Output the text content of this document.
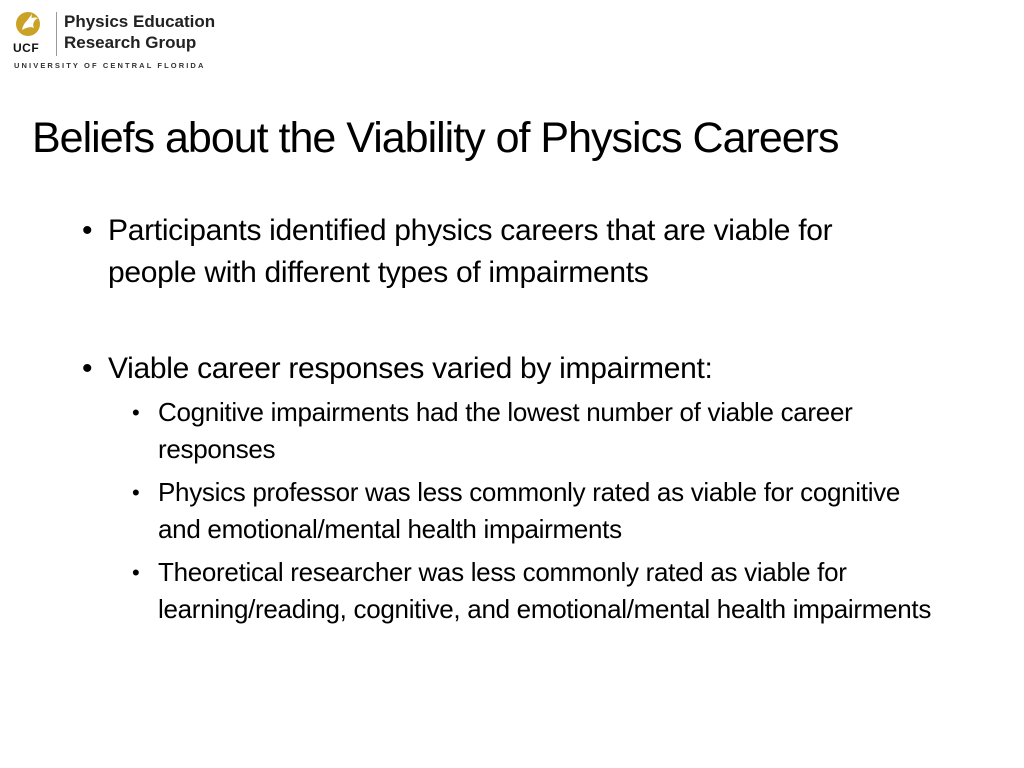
UCF
Physics Education
Research Group
UNIVERSITY OF CENTRAL FLORIDA
Beliefs about the Viability of Physics Careers
• Participants identified physics careers that are viable for people with different types of impairments
• Viable career responses varied by impairment:
• Cognitive impairments had the lowest number of viable career responses
• Physics professor was less commonly rated as viable for cognitive and emotional/mental health impairments
• Theoretical researcher was less commonly rated as viable for learning/reading, cognitive, and emotional/mental health impairments
